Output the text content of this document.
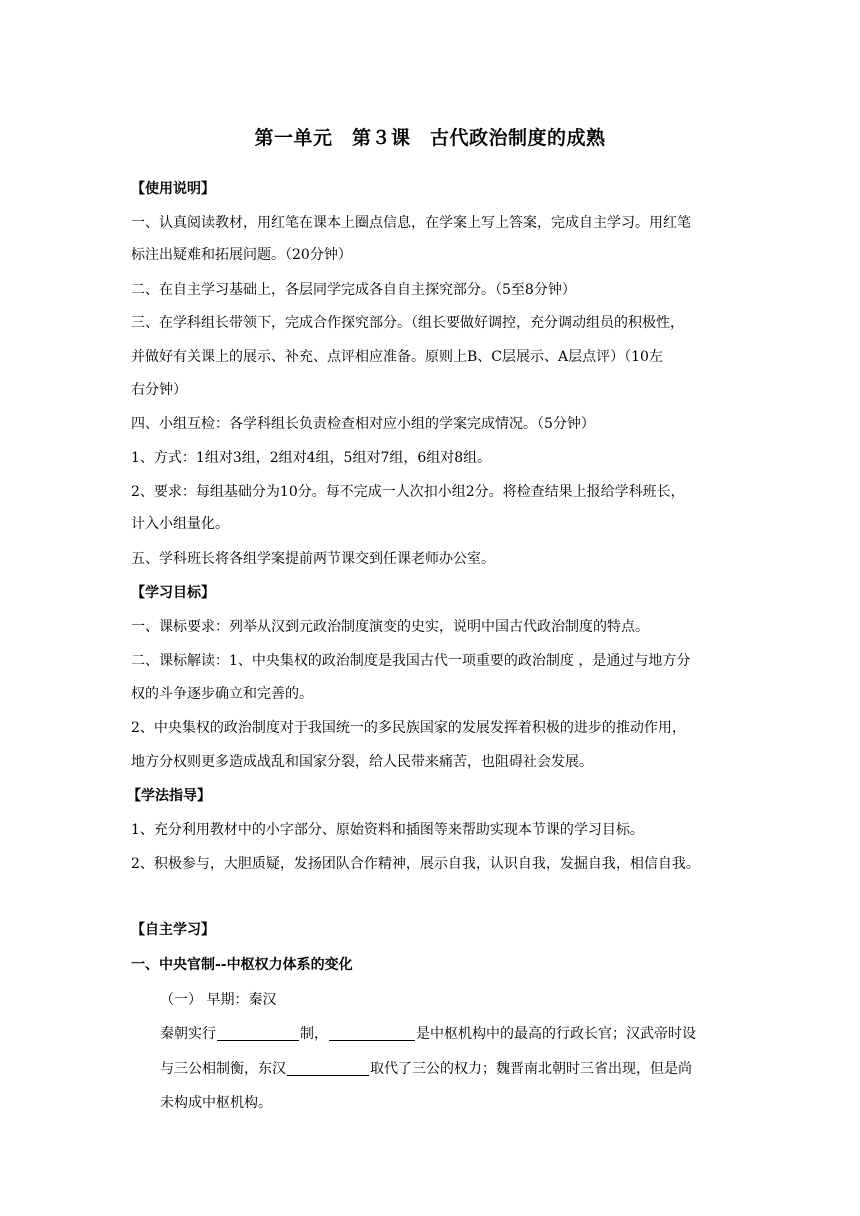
第一单元　第３课　古代政治制度的成熟

【使用说明】

一、认真阅读教材，用红笔在课本上圈点信息，在学案上写上答案，完成自主学习。用红笔

标注出疑难和拓展问题。（20分钟）

二、在自主学习基础上，各层同学完成各自自主探究部分。（5至8分钟）

三、在学科组长带领下，完成合作探究部分。（组长要做好调控，充分调动组员的积极性，

并做好有关课上的展示、补充、点评相应准备。原则上B、C层展示、A层点评）（10左

右分钟）

四、小组互检：各学科组长负责检查相对应小组的学案完成情况。（5分钟）

1、方式：1组对3组，2组对4组，5组对7组，6组对8组。

2、要求：每组基础分为10分。每不完成一人次扣小组2分。将检查结果上报给学科班长，

计入小组量化。

五、学科班长将各组学案提前两节课交到任课老师办公室。

【学习目标】

一、课标要求：列举从汉到元政治制度演变的史实，说明中国古代政治制度的特点。

二、课标解读：1、中央集权的政治制度是我国古代一项重要的政治制度 ，是通过与地方分

权的斗争逐步确立和完善的。

2、中央集权的政治制度对于我国统一的多民族国家的发展发挥着积极的进步的推动作用，

地方分权则更多造成战乱和国家分裂，给人民带来痛苦，也阻碍社会发展。

【学法指导】

1、充分利用教材中的小字部分、原始资料和插图等来帮助实现本节课的学习目标。

2、积极参与，大胆质疑，发扬团队合作精神，展示自我，认识自我，发掘自我，相信自我。

【自主学习】

一、中央官制--中枢权力体系的变化

（一） 早期：秦汉

秦朝实行	制，	是中枢机构中的最高的行政长官；汉武帝时设

与三公相制衡，东汉	取代了三公的权力；魏晋南北朝时三省出现，但是尚

未构成中枢机构。
